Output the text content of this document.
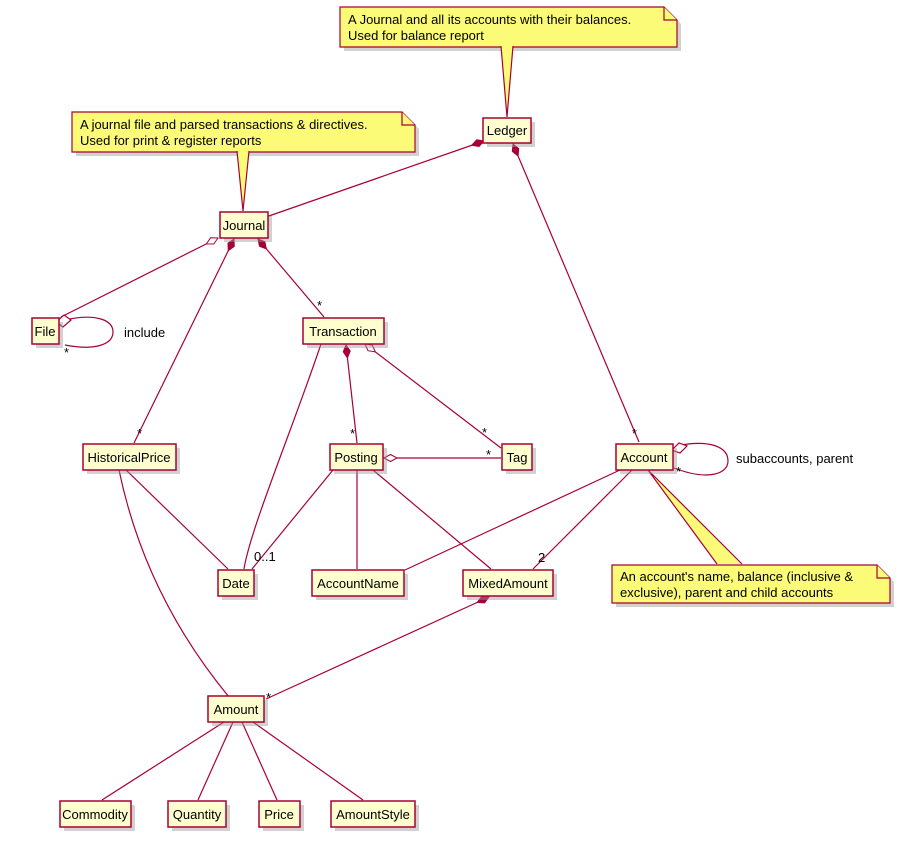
Ledger
Journal
File	Transaction
HistoricalPrice	Posting	Tag	Account
Date	AccountName	MixedAmount
Amount
Commodity	Quantity	Price	AmountStyle
include
subaccounts, parent
*
*
*
*	*
*
*
*
*
0..1	2
A Journal and all its accounts with their balances.
Used for balance report
A journal file and parsed transactions & directives.
Used for print & register reports
An account's name, balance (inclusive &
exclusive), parent and child accounts
